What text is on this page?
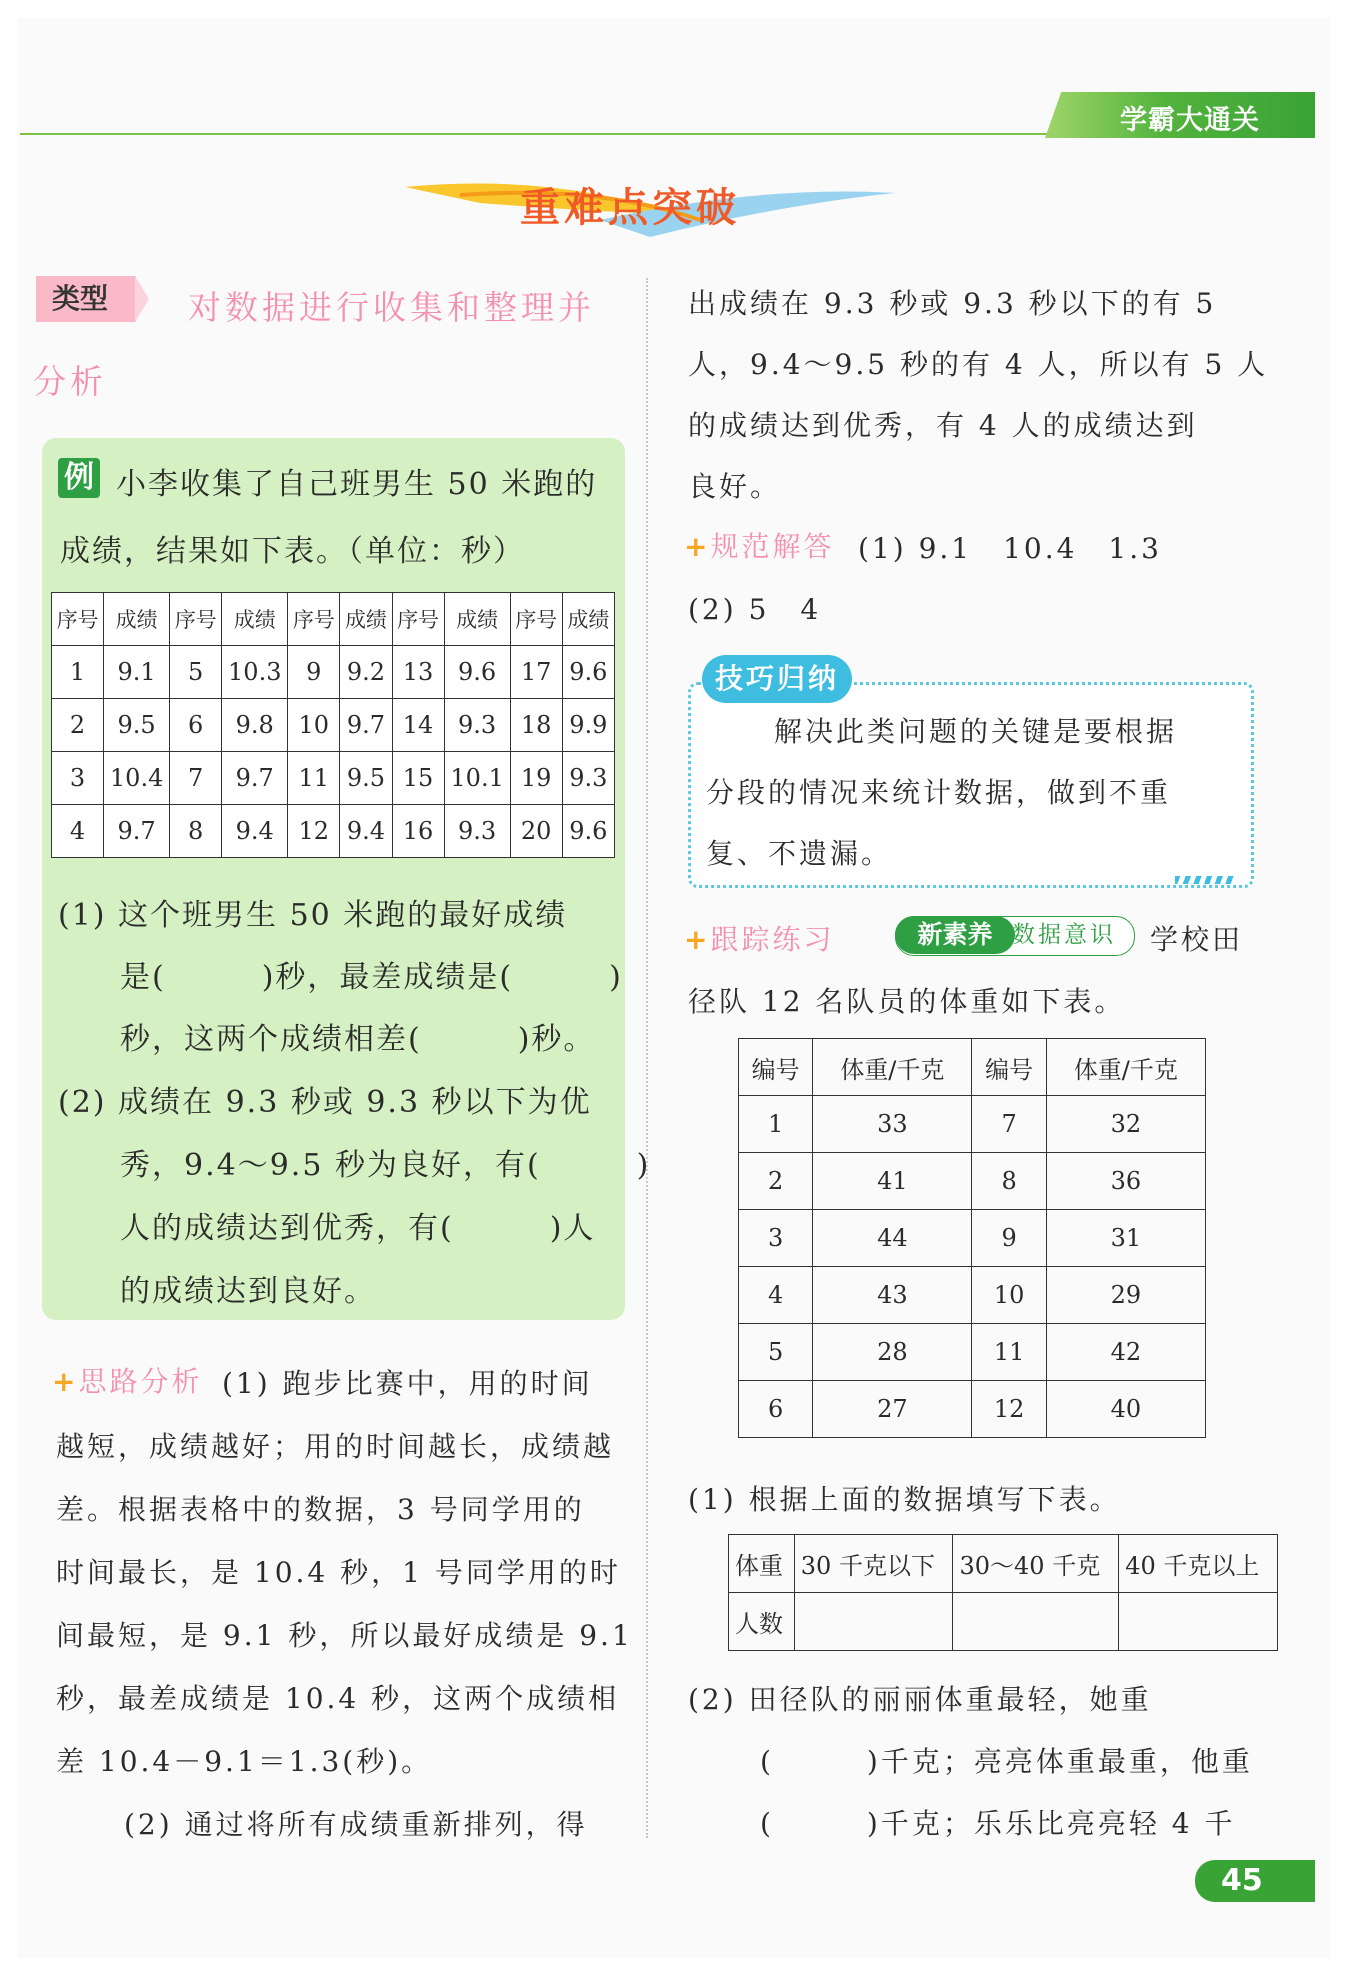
学霸大通关
重难点突破
类型	对数据进行收集和整理并
分析
例 小李收集了自己班男生 50 米跑的
成绩，结果如下表。（单位：秒）
序号	成绩	序号	成绩	序号	成绩	序号	成绩	序号	成绩
1	9.1	5	10.3	9	9.2	13	9.6	17	9.6
2	9.5	6	9.8	10	9.7	14	9.3	18	9.9
3	10.4	7	9.7	11	9.5	15	10.1	19	9.3
4	9.7	8	9.4	12	9.4	16	9.3	20	9.6
(1) 这个班男生 50 米跑的最好成绩
是(　　　)秒，最差成绩是(　　　)
秒，这两个成绩相差(　　　)秒。
(2) 成绩在 9.3 秒或 9.3 秒以下为优
秀，9.4～9.5 秒为良好，有(　　　)
人的成绩达到优秀，有(　　　)人
的成绩达到良好。
+思路分析 (1) 跑步比赛中，用的时间
越短，成绩越好；用的时间越长，成绩越
差。根据表格中的数据，3 号同学用的
时间最长，是 10.4 秒，1 号同学用的时
间最短，是 9.1 秒，所以最好成绩是 9.1
秒，最差成绩是 10.4 秒，这两个成绩相
差 10.4－9.1＝1.3(秒)。
(2) 通过将所有成绩重新排列，得
出成绩在 9.3 秒或 9.3 秒以下的有 5
人，9.4～9.5 秒的有 4 人，所以有 5 人
的成绩达到优秀，有 4 人的成绩达到
良好。
+规范解答 (1) 9.1　10.4　1.3
(2) 5　4
技巧归纳
解决此类问题的关键是要根据
分段的情况来统计数据，做到不重
复、不遗漏。
+跟踪练习	新素养 数据意识 学校田
径队 12 名队员的体重如下表。
编号	体重/千克	编号	体重/千克
1	33	7	32
2	41	8	36
3	44	9	31
4	43	10	29
5	28	11	42
6	27	12	40
(1) 根据上面的数据填写下表。
体重	30 千克以下	30～40 千克	40 千克以上
人数			
(2) 田径队的丽丽体重最轻，她重
(　　　)千克；亮亮体重最重，他重
(　　　)千克；乐乐比亮亮轻 4 千
45
